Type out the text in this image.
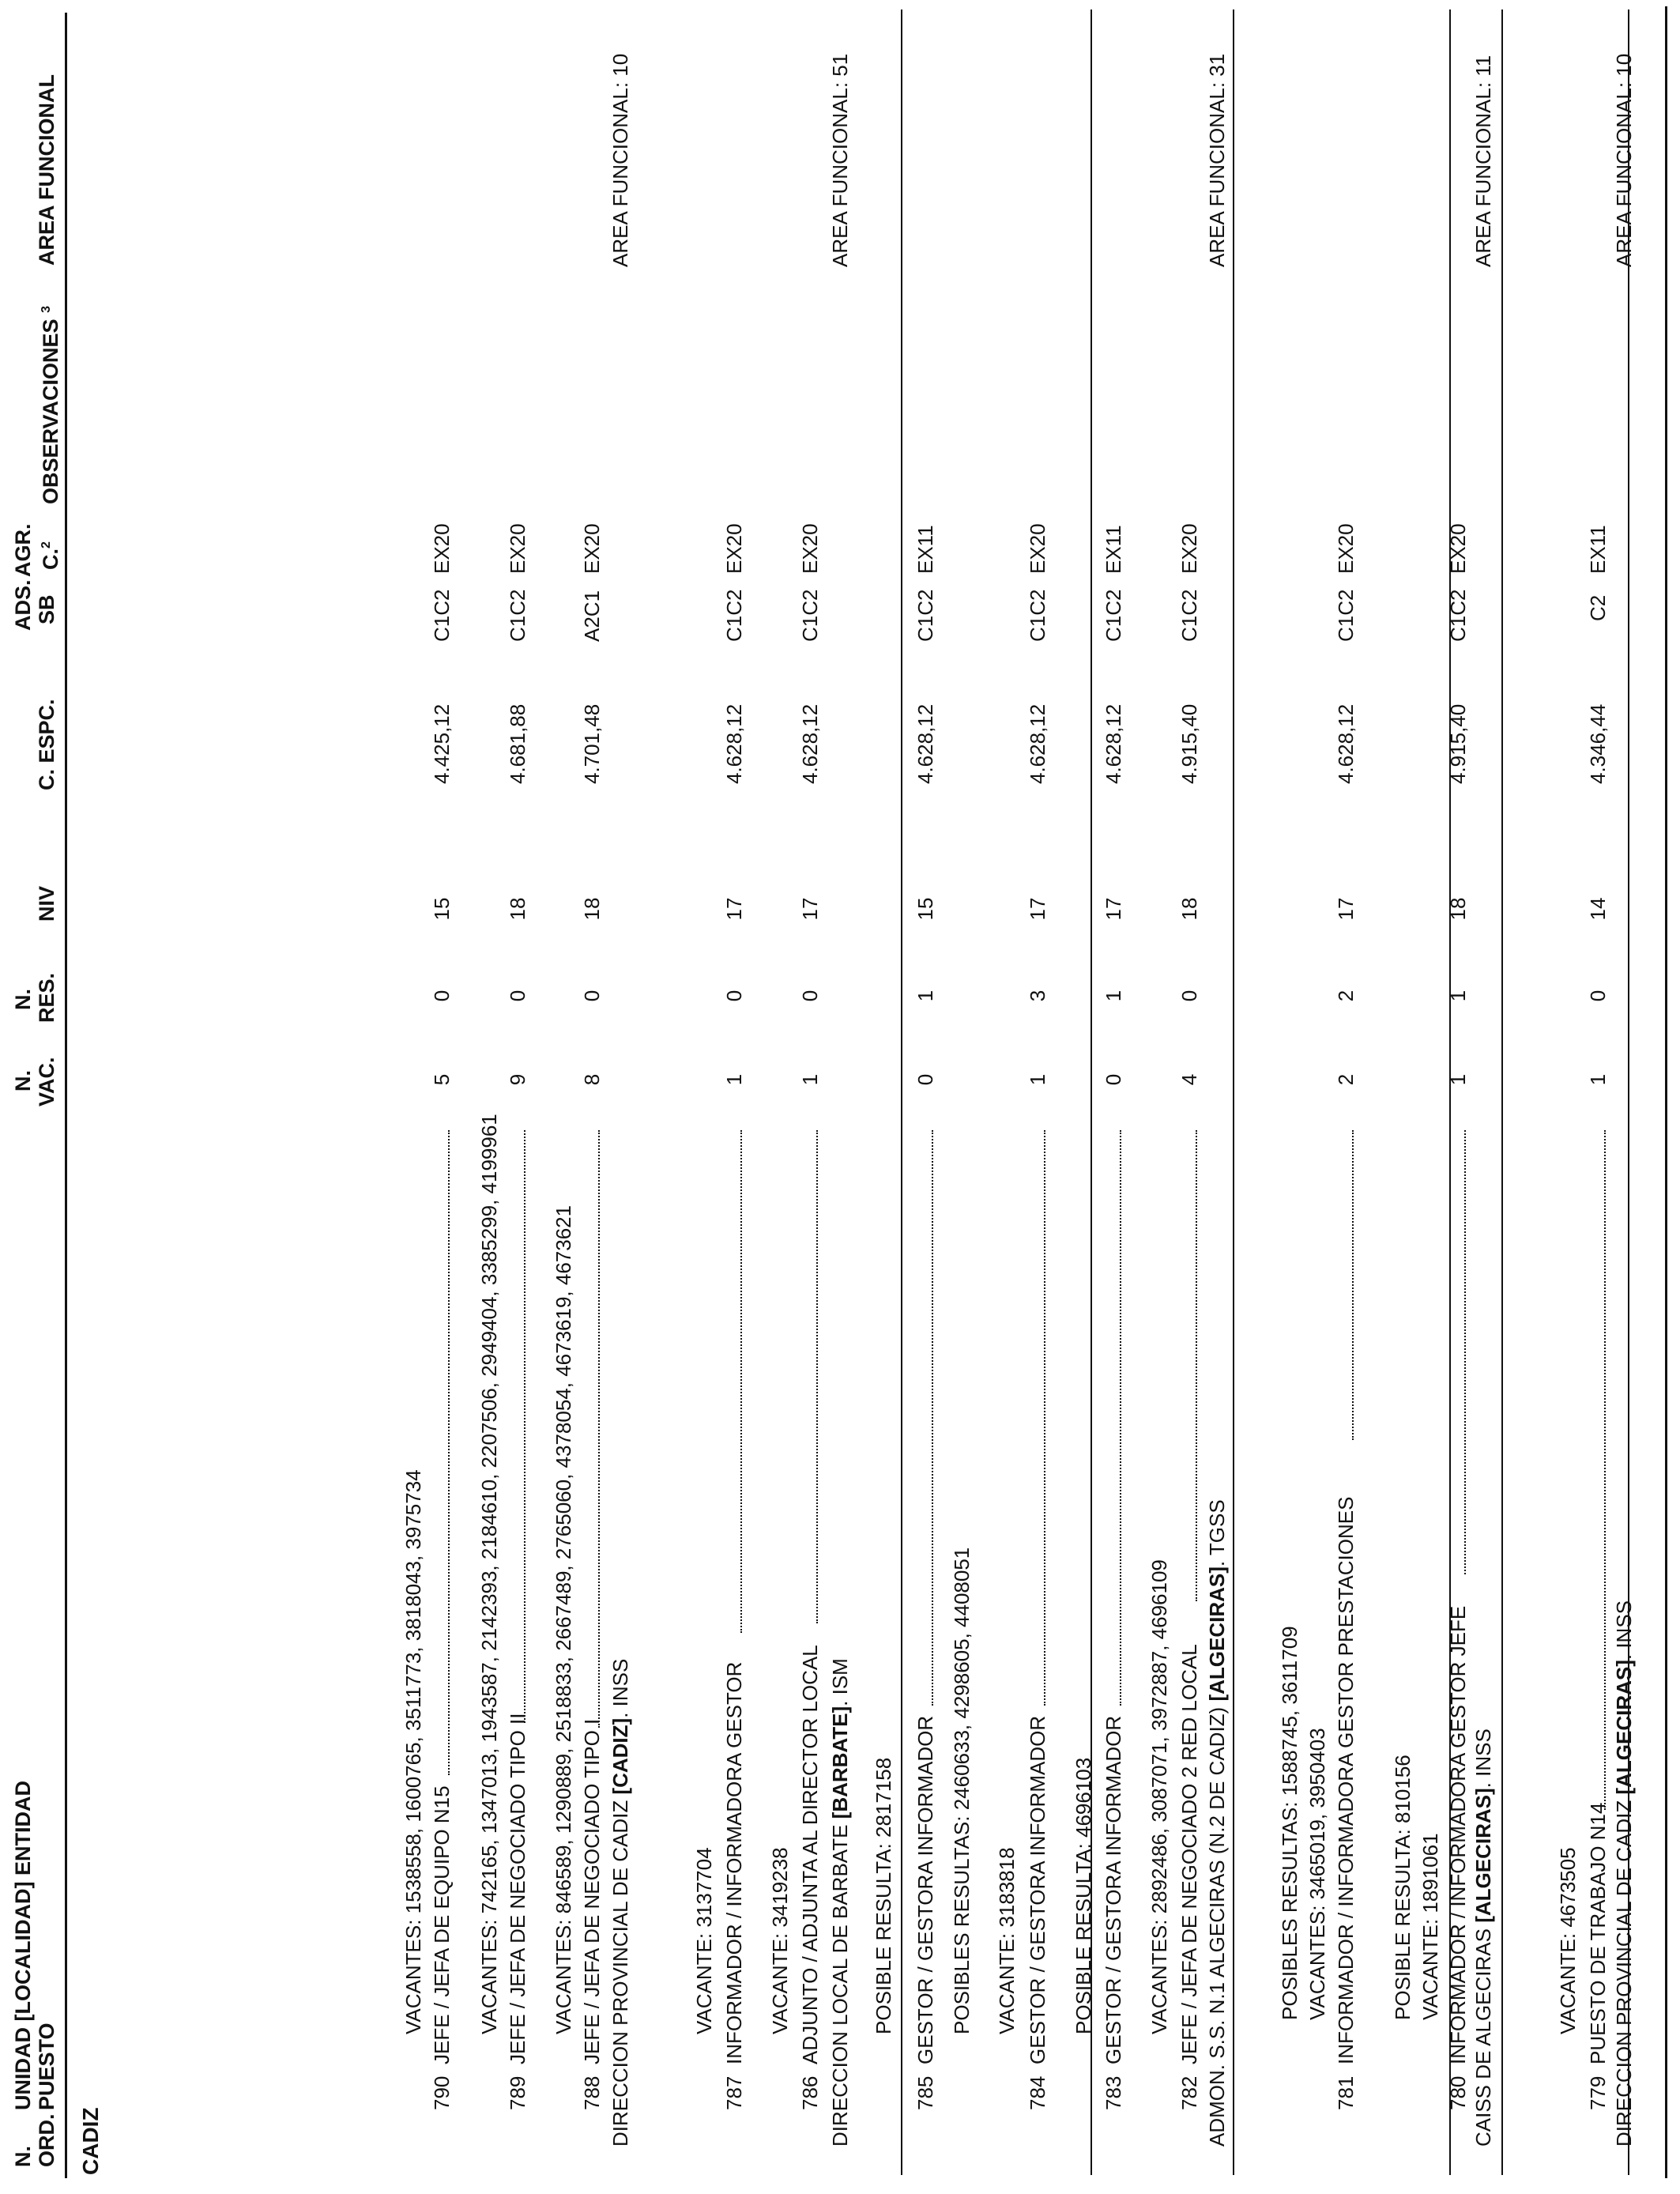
N. ORD.
UNIDAD [LOCALIDAD] ENTIDAD PUESTO
N. VAC.
N. RES.
NIV
C. ESPC.
ADS. SB
AGR. C.$^2$
OBSERVACIONES $^3$
AREA FUNCIONAL
CADIZ	DIRECCION PROVINCIAL DE CADIZ [ALGECIRAS]. INSS
AREA FUNCIONAL: 10
779
PUESTO DE TRABAJO N14
1
0
14
4.346,44
C2
EX11
VACANTE: 4673505
CAISS DE ALGECIRAS [ALGECIRAS]. INSS
AREA FUNCIONAL: 11
780
INFORMADOR / INFORMADORA GESTOR JEFE
1
1
18
4.915,40
C1C2
EX20
VACANTE: 1891061
POSIBLE RESULTA: 810156
781
INFORMADOR / INFORMADORA GESTOR PRESTACIONES
2
2
17
4.628,12
C1C2
EX20
VACANTES: 3465019, 3950403
POSIBLES RESULTAS: 1588745, 3611709
ADMON. S.S. N.1 ALGECIRAS (N.2 DE CADIZ) [ALGECIRAS]. TGSS
AREA FUNCIONAL: 31
782
JEFE / JEFA DE NEGOCIADO 2 RED LOCAL
4
0
18
4.915,40
C1C2
EX20
VACANTES: 2892486, 3087071, 3972887, 4696109
783
GESTOR / GESTORA INFORMADOR
0
1
17
4.628,12
C1C2
EX11
POSIBLE RESULTA: 4696103
784
GESTOR / GESTORA INFORMADOR
1
3
17
4.628,12
C1C2
EX20
VACANTE: 3183818
POSIBLES RESULTAS: 2460633, 4298605, 4408051
785
GESTOR / GESTORA INFORMADOR
0
1
15
4.628,12
C1C2
EX11
POSIBLE RESULTA: 2817158
DIRECCION LOCAL DE BARBATE [BARBATE]. ISM
AREA FUNCIONAL: 51
786
ADJUNTO / ADJUNTA AL DIRECTOR LOCAL
1
0
17
4.628,12
C1C2
EX20
VACANTE: 3419238
787
INFORMADOR / INFORMADORA GESTOR
1
0
17
4.628,12
C1C2
EX20
VACANTE: 3137704
DIRECCION PROVINCIAL DE CADIZ [CADIZ]. INSS
AREA FUNCIONAL: 10
788
JEFE / JEFA DE NEGOCIADO TIPO I
8
0
18
4.701,48
A2C1
EX20
VACANTES: 846589, 1290889, 2518833, 2667489, 2765060, 4378054, 4673619, 4673621
789
JEFE / JEFA DE NEGOCIADO TIPO II
9
0
18
4.681,88
C1C2
EX20
VACANTES: 742165, 1347013, 1943587, 2142393, 2184610, 2207506, 2949404, 3385299, 4199961
790
JEFE / JEFA DE EQUIPO N15
5
0
15
4.425,12
C1C2
EX20
VACANTES: 1538558, 1600765, 3511773, 3818043, 3975734
